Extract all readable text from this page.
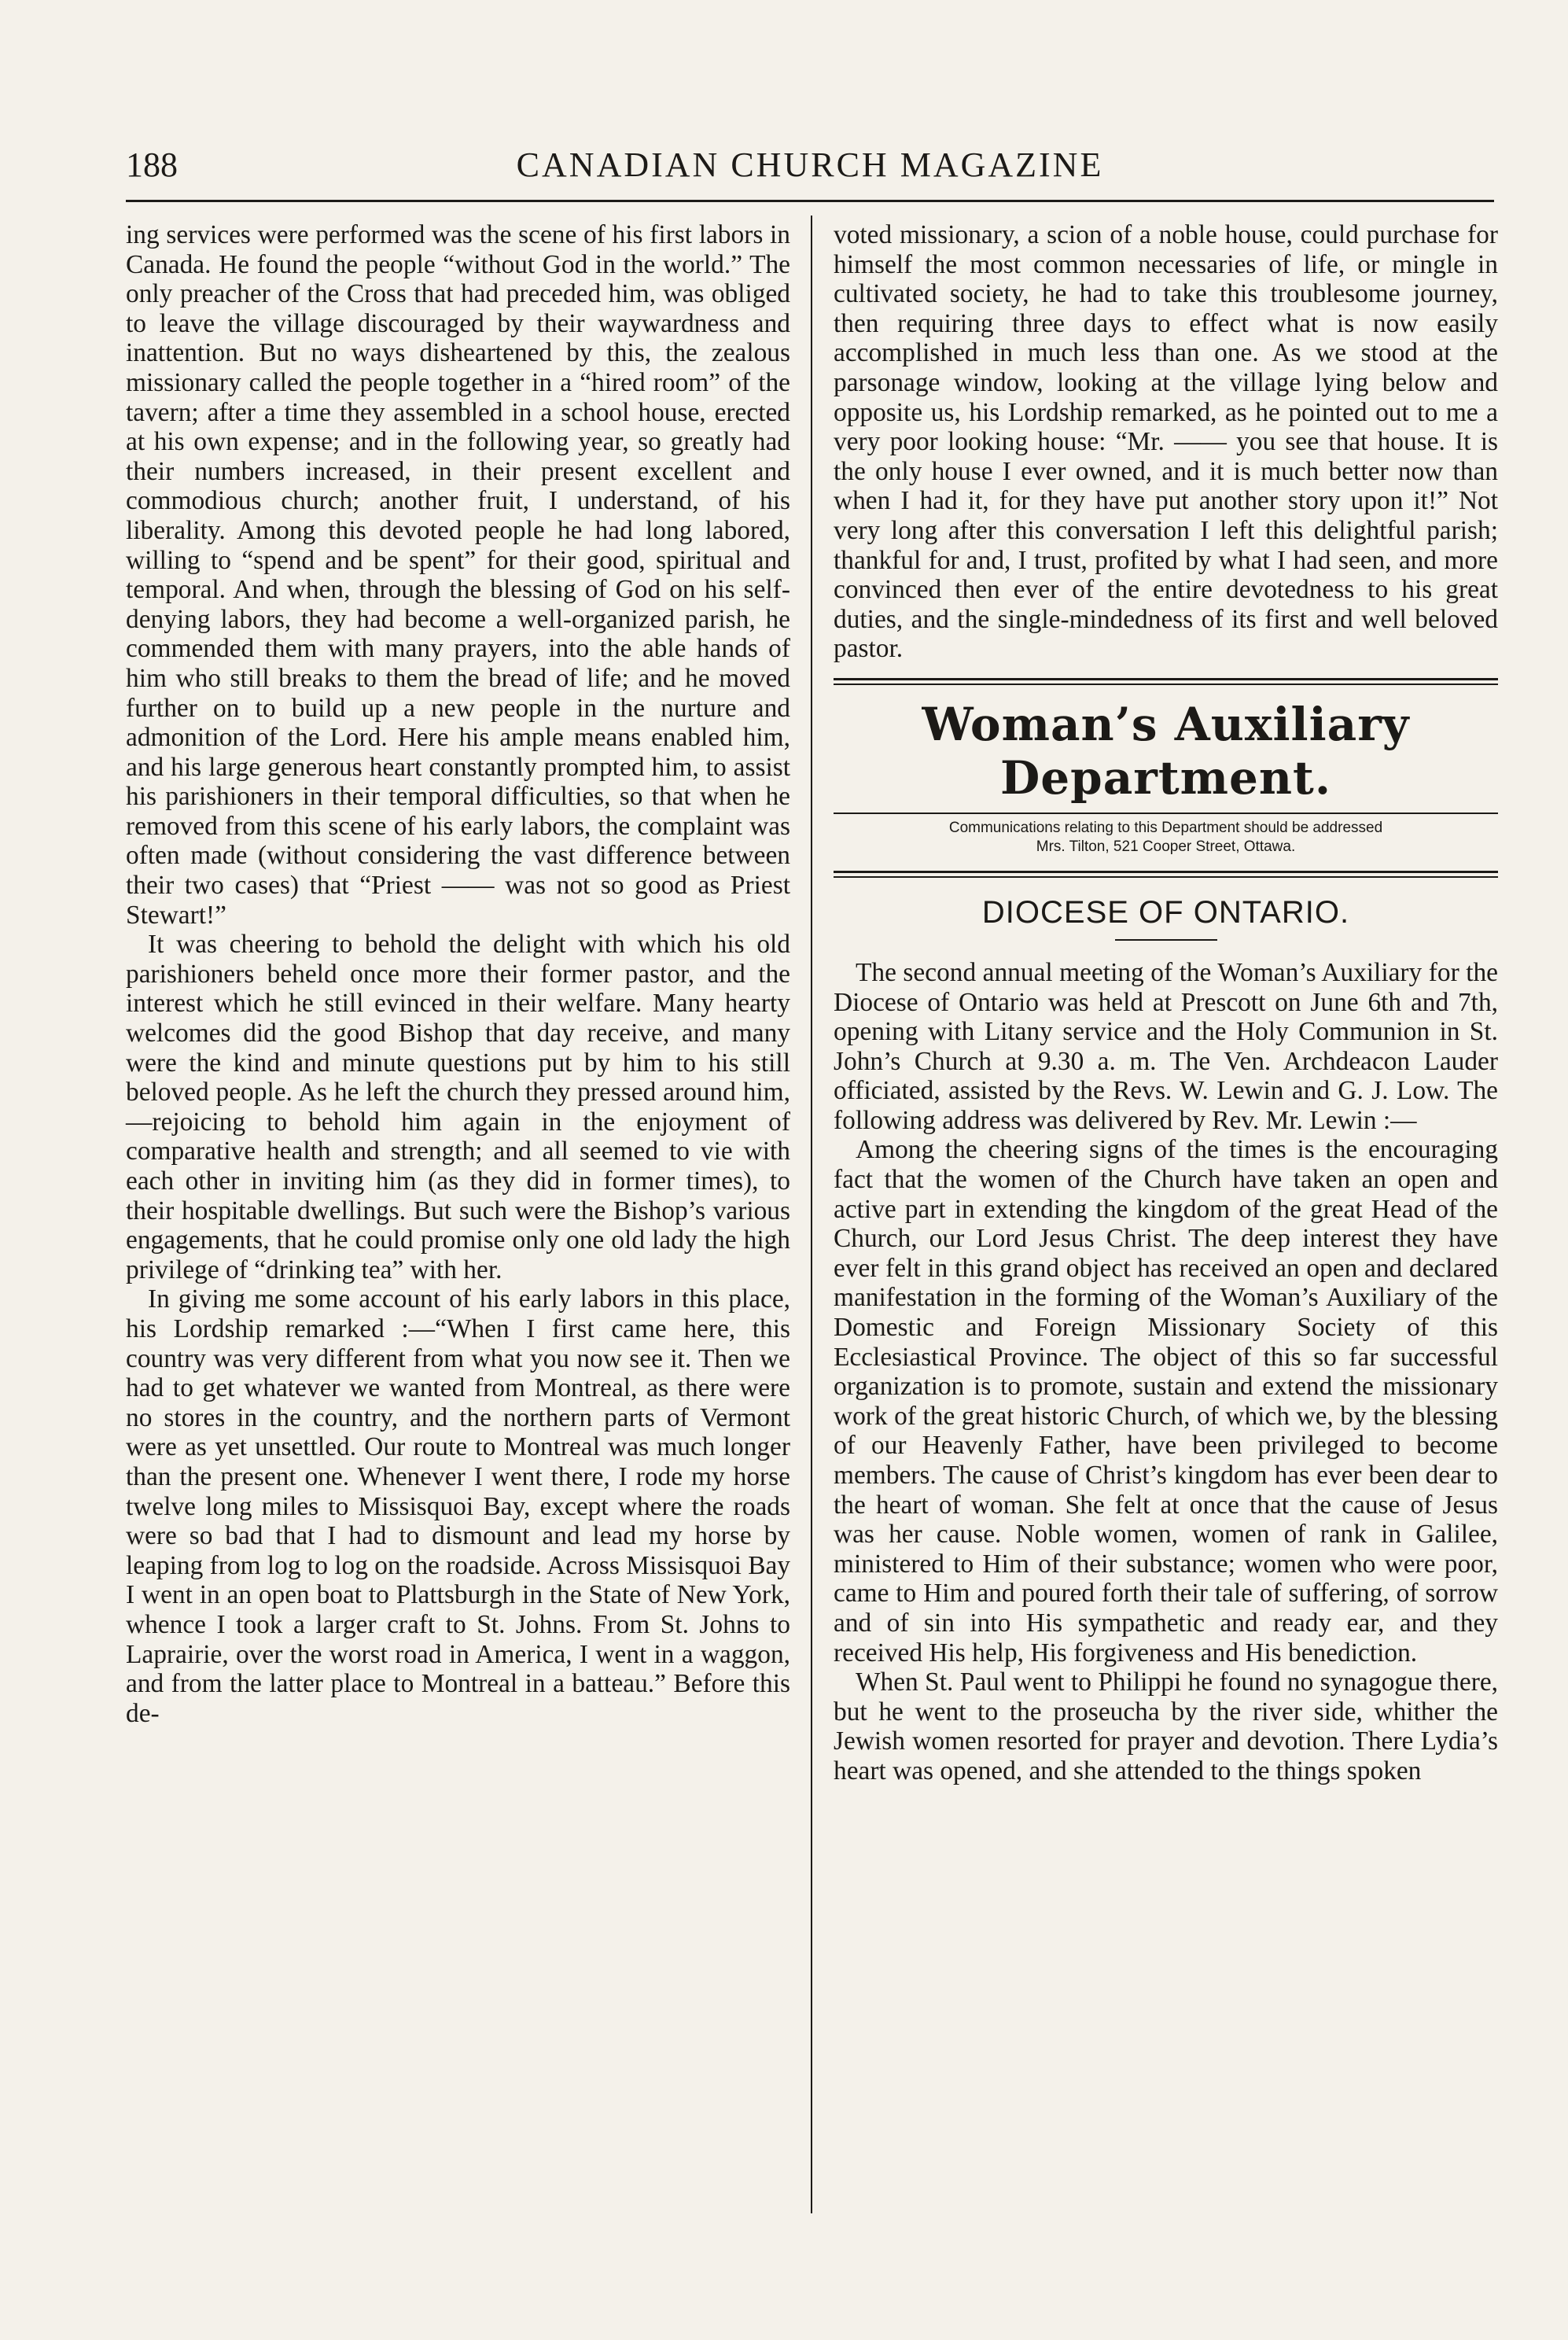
188	CANADIAN CHURCH MAGAZINE

ing services were performed was the scene of his first labors in Canada. He found the people “without God in the world.” The only preacher of the Cross that had preceded him, was obliged to leave the village discouraged by their waywardness and inattention. But no ways disheartened by this, the zealous missionary called the people together in a “hired room” of the tavern; after a time they assembled in a school house, erected at his own expense; and in the following year, so greatly had their numbers increased, in their present excellent and commodious church; another fruit, I understand, of his liberality. Among this devoted people he had long labored, willing to “spend and be spent” for their good, spiritual and temporal. And when, through the blessing of God on his self-denying labors, they had become a well-organized parish, he commended them with many prayers, into the able hands of him who still breaks to them the bread of life; and he moved further on to build up a new people in the nurture and admonition of the Lord. Here his ample means enabled him, and his large generous heart constantly prompted him, to assist his parishioners in their temporal difficulties, so that when he removed from this scene of his early labors, the complaint was often made (without considering the vast difference between their two cases) that “Priest —— was not so good as Priest Stewart!”

It was cheering to behold the delight with which his old parishioners beheld once more their former pastor, and the interest which he still evinced in their welfare. Many hearty welcomes did the good Bishop that day receive, and many were the kind and minute questions put by him to his still beloved people. As he left the church they pressed around him,—rejoicing to behold him again in the enjoyment of comparative health and strength; and all seemed to vie with each other in inviting him (as they did in former times), to their hospitable dwellings. But such were the Bishop’s various engagements, that he could promise only one old lady the high privilege of “drinking tea” with her.

In giving me some account of his early labors in this place, his Lordship remarked :—“When I first came here, this country was very different from what you now see it. Then we had to get whatever we wanted from Montreal, as there were no stores in the country, and the northern parts of Vermont were as yet unsettled. Our route to Montreal was much longer than the present one. Whenever I went there, I rode my horse twelve long miles to Missisquoi Bay, except where the roads were so bad that I had to dismount and lead my horse by leaping from log to log on the roadside. Across Missisquoi Bay I went in an open boat to Plattsburgh in the State of New York, whence I took a larger craft to St. Johns. From St. Johns to Laprairie, over the worst road in America, I went in a waggon, and from the latter place to Montreal in a batteau.” Before this de-

voted missionary, a scion of a noble house, could purchase for himself the most common necessaries of life, or mingle in cultivated society, he had to take this troublesome journey, then requiring three days to effect what is now easily accomplished in much less than one. As we stood at the parsonage window, looking at the village lying below and opposite us, his Lordship remarked, as he pointed out to me a very poor looking house: “Mr. —— you see that house. It is the only house I ever owned, and it is much better now than when I had it, for they have put another story upon it!” Not very long after this conversation I left this delightful parish; thankful for and, I trust, profited by what I had seen, and more convinced then ever of the entire devotedness to his great duties, and the single-mindedness of its first and well beloved pastor.

Woman’s Auxiliary Department.

Communications relating to this Department should be addressed

Mrs. Tilton, 521 Cooper Street, Ottawa.

DIOCESE OF ONTARIO.

The second annual meeting of the Woman’s Auxiliary for the Diocese of Ontario was held at Prescott on June 6th and 7th, opening with Litany service and the Holy Communion in St. John’s Church at 9.30 a. m. The Ven. Archdeacon Lauder officiated, assisted by the Revs. W. Lewin and G. J. Low. The following address was delivered by Rev. Mr. Lewin :—

Among the cheering signs of the times is the encouraging fact that the women of the Church have taken an open and active part in extending the kingdom of the great Head of the Church, our Lord Jesus Christ. The deep interest they have ever felt in this grand object has received an open and declared manifestation in the forming of the Woman’s Auxiliary of the Domestic and Foreign Missionary Society of this Ecclesiastical Province. The object of this so far successful organization is to promote, sustain and extend the missionary work of the great historic Church, of which we, by the blessing of our Heavenly Father, have been privileged to become members. The cause of Christ’s kingdom has ever been dear to the heart of woman. She felt at once that the cause of Jesus was her cause. Noble women, women of rank in Galilee, ministered to Him of their substance; women who were poor, came to Him and poured forth their tale of suffering, of sorrow and of sin into His sympathetic and ready ear, and they received His help, His forgiveness and His benediction.

When St. Paul went to Philippi he found no synagogue there, but he went to the proseucha by the river side, whither the Jewish women resorted for prayer and devotion. There Lydia’s heart was opened, and she attended to the things spoken
